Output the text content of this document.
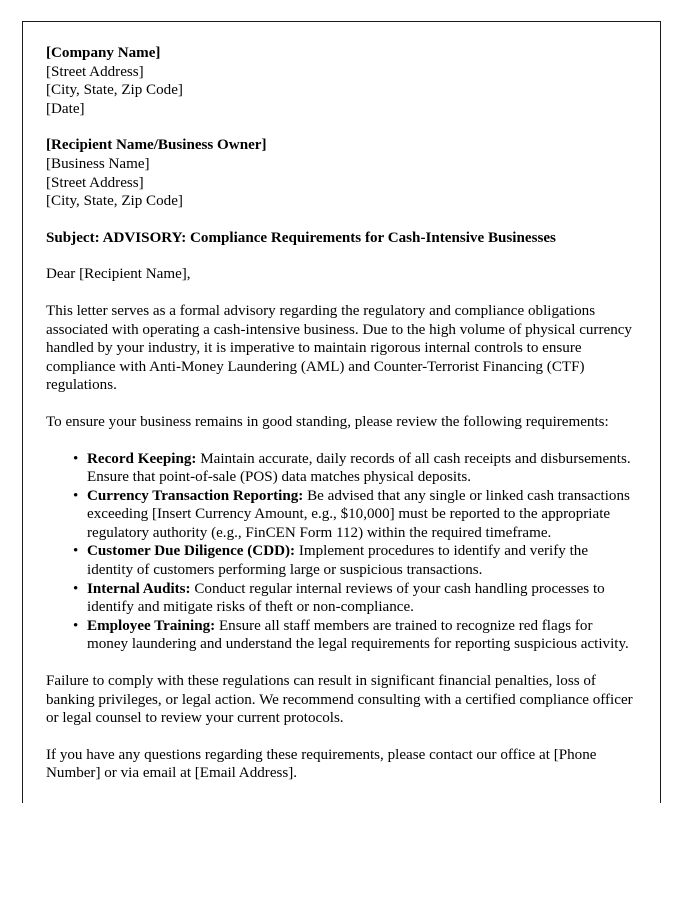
[Company Name]
[Street Address]
[City, State, Zip Code]
[Date]
[Recipient Name/Business Owner]
[Business Name]
[Street Address]
[City, State, Zip Code]
Subject: ADVISORY: Compliance Requirements for Cash-Intensive Businesses
Dear [Recipient Name],

This letter serves as a formal advisory regarding the regulatory and compliance obligations associated with operating a cash-intensive business. Due to the high volume of physical currency handled by your industry, it is imperative to maintain rigorous internal controls to ensure compliance with Anti-Money Laundering (AML) and Counter-Terrorist Financing (CTF) regulations.

To ensure your business remains in good standing, please review the following requirements:

• Record Keeping: Maintain accurate, daily records of all cash receipts and disbursements. Ensure that point-of-sale (POS) data matches physical deposits.
• Currency Transaction Reporting: Be advised that any single or linked cash transactions exceeding [Insert Currency Amount, e.g., $10,000] must be reported to the appropriate regulatory authority (e.g., FinCEN Form 112) within the required timeframe.
• Customer Due Diligence (CDD): Implement procedures to identify and verify the identity of customers performing large or suspicious transactions.
• Internal Audits: Conduct regular internal reviews of your cash handling processes to identify and mitigate risks of theft or non-compliance.
• Employee Training: Ensure all staff members are trained to recognize red flags for money laundering and understand the legal requirements for reporting suspicious activity.

Failure to comply with these regulations can result in significant financial penalties, loss of banking privileges, or legal action. We recommend consulting with a certified compliance officer or legal counsel to review your current protocols.

If you have any questions regarding these requirements, please contact our office at [Phone Number] or via email at [Email Address].
